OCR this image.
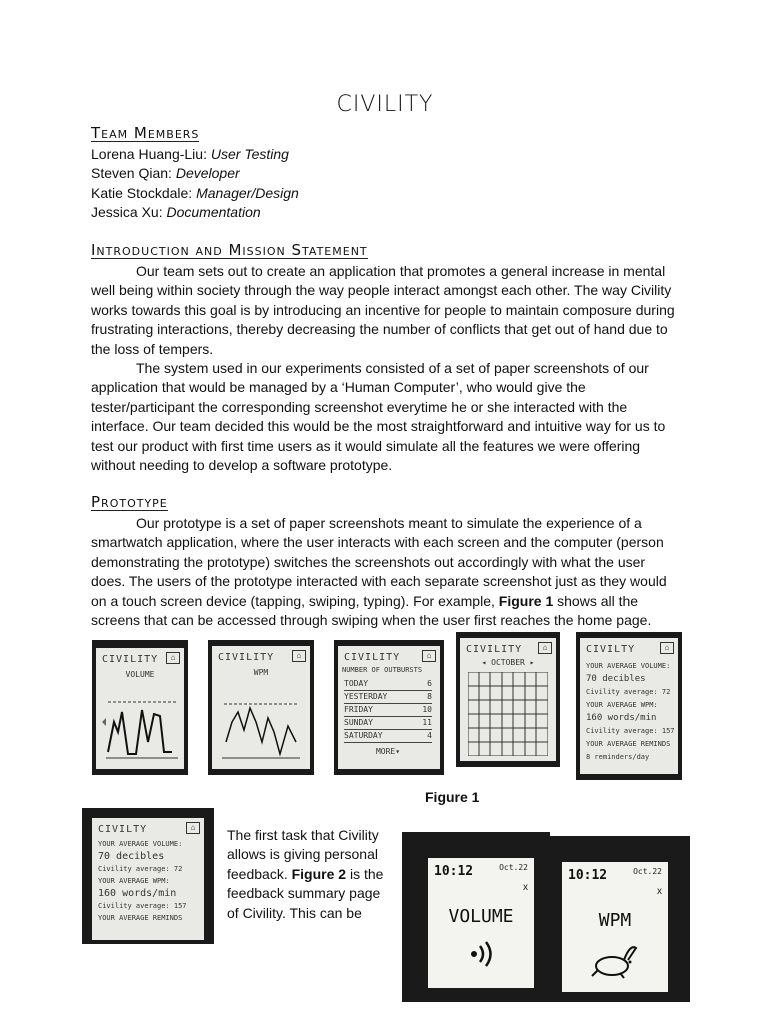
CIVILITY
Team Members
Lorena Huang-Liu: User Testing
Steven Qian: Developer
Katie Stockdale: Manager/Design
Jessica Xu: Documentation
Introduction and Mission Statement

Our team sets out to create an application that promotes a general increase in mental well being within society through the way people interact amongst each other. The way Civility works towards this goal is by introducing an incentive for people to maintain composure during frustrating interactions, thereby decreasing the number of conflicts that get out of hand due to the loss of tempers.

The system used in our experiments consisted of a set of paper screenshots of our application that would be managed by a ‘Human Computer’, who would give the tester/participant the corresponding screenshot everytime he or she interacted with the interface. Our team decided this would be the most straightforward and intuitive way for us to test our product with first time users as it would simulate all the features we were offering without needing to develop a software prototype.

Prototype

Our prototype is a set of paper screenshots meant to simulate the experience of a smartwatch application, where the user interacts with each screen and the computer (person demonstrating the prototype) switches the screenshots out accordingly with what the user does. The users of the prototype interacted with each separate screenshot just as they would on a touch screen device (tapping, swiping, typing). For example, Figure 1 shows all the screens that can be accessed through swiping when the user first reaches the home page.

CIVILITY	⌂
VOLUME
CIVILITY	⌂
WPM
CIVILITY	⌂
NUMBER OF OUTBURSTS
TODAY	6
YESTERDAY	8
FRIDAY	10
SUNDAY	11
SATURDAY	4
MORE▾
CIVILITY	⌂
◂ OCTOBER ▸
CIVILTY	⌂
YOUR AVERAGE VOLUME:
70 decibles
Civility average: 72
YOUR AVERAGE WPM:
160 words/min
Civility average: 157
YOUR AVERAGE REMINDS
8 reminders/day
Figure 1
CIVILTY	⌂
YOUR AVERAGE VOLUME:
70 decibles
Civility average: 72
YOUR AVERAGE WPM:
160 words/min
Civility average: 157
YOUR AVERAGE REMINDS

The first task that Civility allows is giving personal feedback. Figure 2 is the feedback summary page of Civility. This can be

10:12	Oct.22
x
VOLUME
10:12	Oct.22
x
WPM
